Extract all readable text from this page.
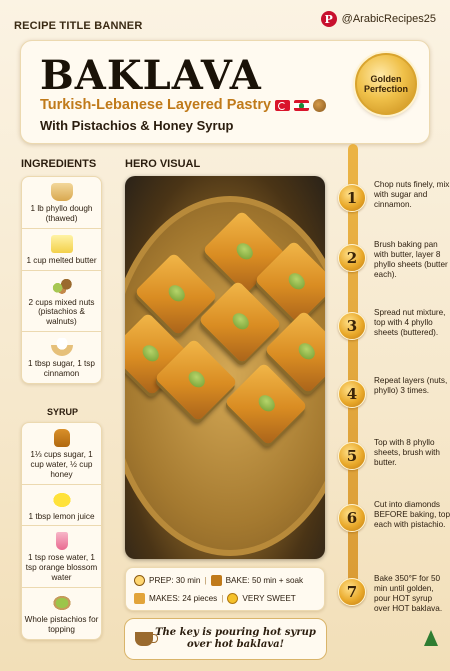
RECIPE TITLE BANNER
P @ArabicRecipes25
BAKLAVA
Turkish-Lebanese Layered Pastry
With Pistachios & Honey Syrup
Golden Perfection
INGREDIENTS	HERO VISUAL
1 lb phyllo dough (thawed)
1 cup melted butter
2 cups mixed nuts (pistachios & walnuts)
1 tbsp sugar, 1 tsp cinnamon
SYRUP
1⅓ cups sugar, 1 cup water, ½ cup honey
1 tbsp lemon juice
1 tsp rose water, 1 tsp orange blossom water
Whole pistachios for topping
1
Chop nuts finely, mix with sugar and cinnamon.
2
Brush baking pan with butter, layer 8 phyllo sheets (butter each).
3
Spread nut mixture, top with 4 phyllo sheets (buttered).
4
Repeat layers (nuts, phyllo) 3 times.
5
Top with 8 phyllo sheets, brush with butter.
6
Cut into diamonds BEFORE baking, top each with pistachio.
7
Bake 350°F for 50 min until golden, pour HOT syrup over HOT baklava.
PREP: 30 min | BAKE: 50 min + soak
MAKES: 24 pieces | VERY SWEET
The key is pouring hot syrup
over hot baklava!
